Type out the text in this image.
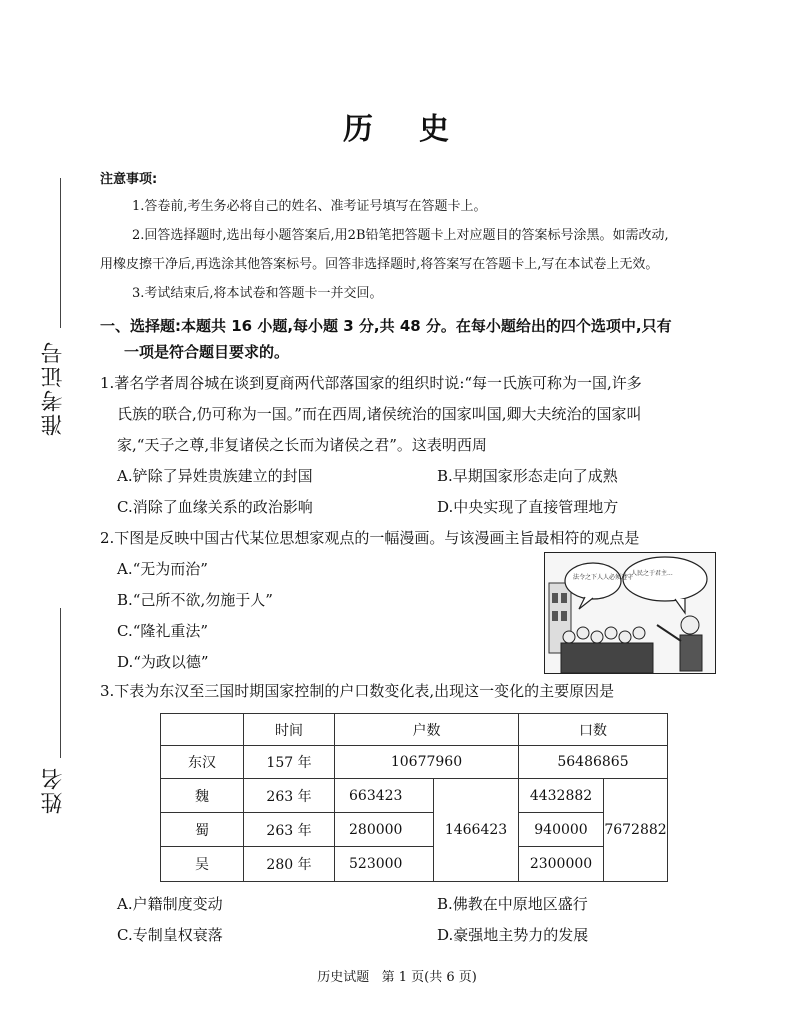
准考证号
姓名
历 史
注意事项:
1.答卷前,考生务必将自己的姓名、准考证号填写在答题卡上。
2.回答选择题时,选出每小题答案后,用2B铅笔把答题卡上对应题目的答案标号涂黑。如需改动,
用橡皮擦干净后,再选涂其他答案标号。回答非选择题时,将答案写在答题卡上,写在本试卷上无效。
3.考试结束后,将本试卷和答题卡一并交回。
一、选择题:本题共 16 小题,每小题 3 分,共 48 分。在每小题给出的四个选项中,只有
一项是符合题目要求的。
1.著名学者周谷城在谈到夏商两代部落国家的组织时说:“每一氏族可称为一国,许多
氏族的联合,仍可称为一国。”而在西周,诸侯统治的国家叫国,卿大夫统治的国家叫
家,“天子之尊,非复诸侯之长而为诸侯之君”。这表明西周
A.铲除了异姓贵族建立的封国	B.早期国家形态走向了成熟
C.消除了血缘关系的政治影响	D.中央实现了直接管理地方
2.下图是反映中国古代某位思想家观点的一幅漫画。与该漫画主旨最相符的观点是
A.“无为而治”
B.“己所不欲,勿施于人”
C.“隆礼重法”
D.“为政以德”
法令之下人人必须遵守
人民之于君主...
3.下表为东汉至三国时期国家控制的户口数变化表,出现这一变化的主要原因是
	时间	户数		口数	
东汉	157 年	10677960		56486865	
魏	263 年	663423	1466423	4432882	7672882
蜀	263 年	280000		940000	
吴	280 年	523000		2300000	
A.户籍制度变动	B.佛教在中原地区盛行
C.专制皇权衰落	D.豪强地主势力的发展
历史试题   第 1 页(共 6 页)
